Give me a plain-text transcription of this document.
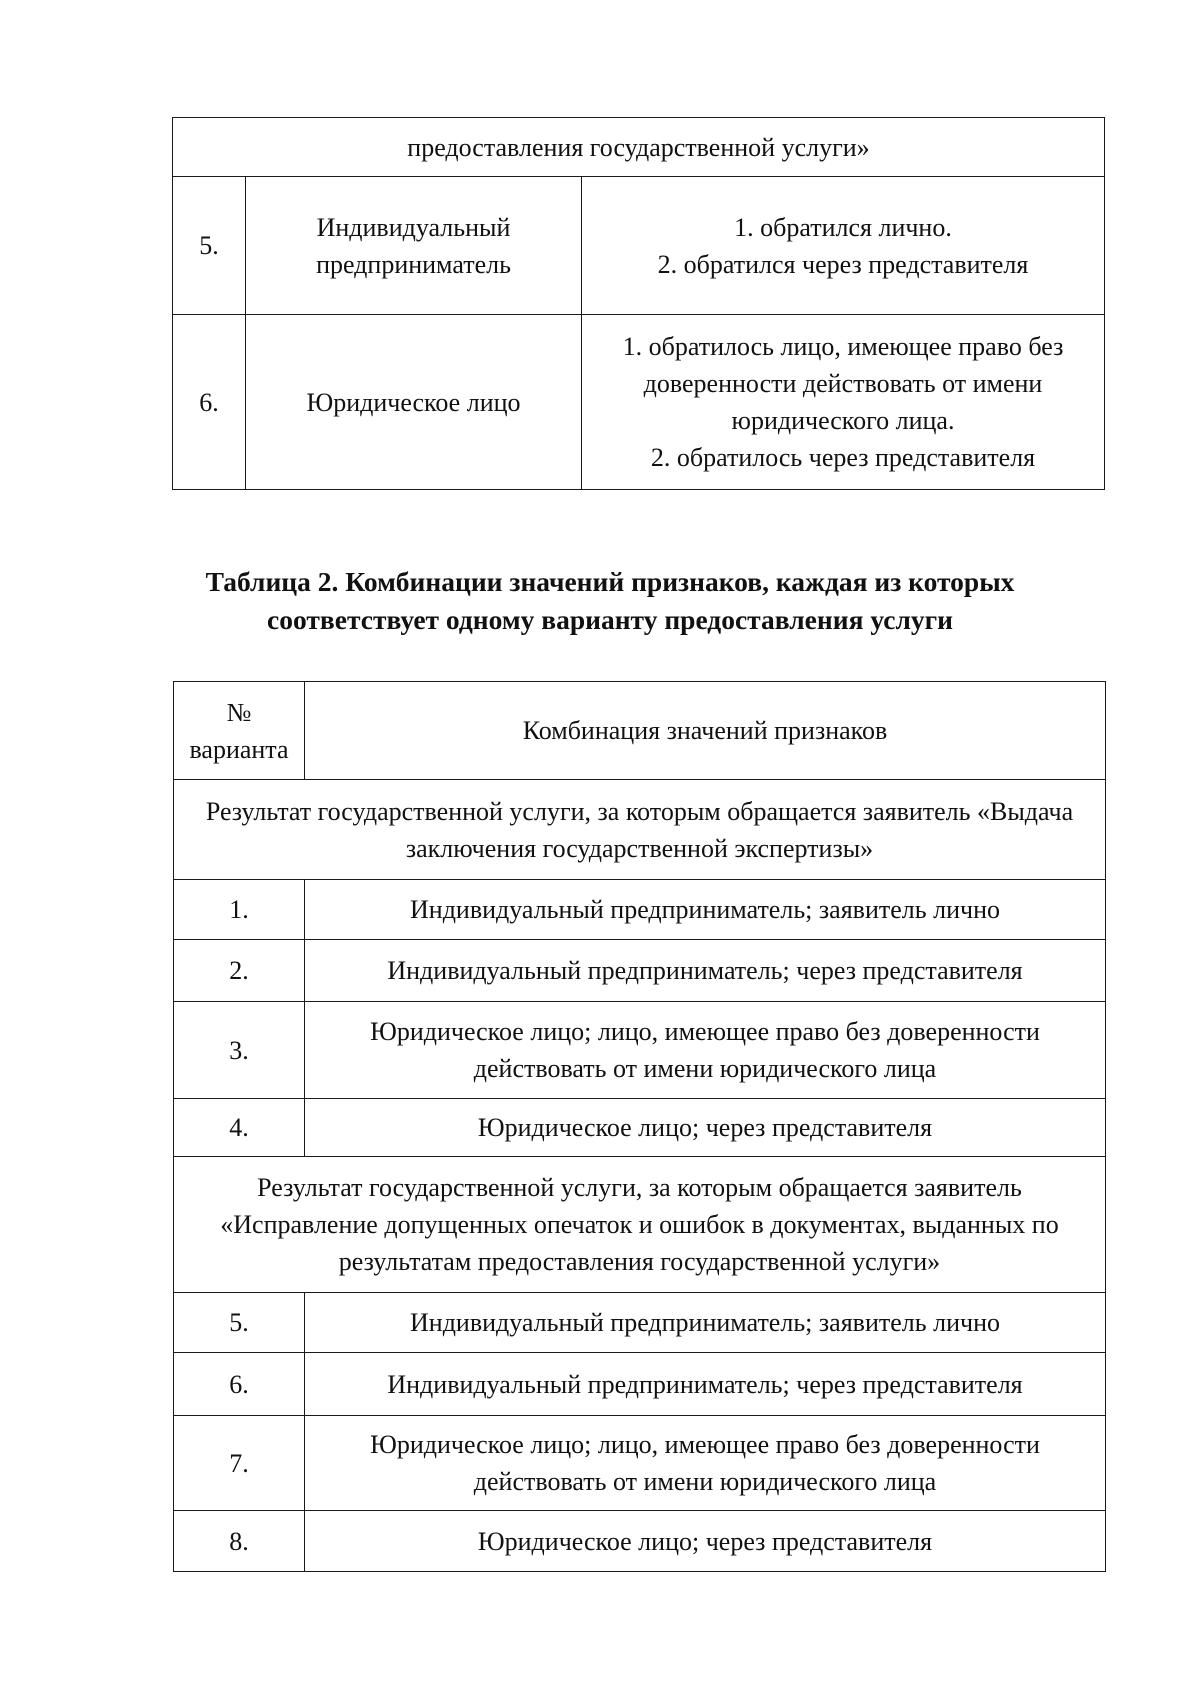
предоставления государственной услуги»		
5.	Индивидуальный предприниматель	1. обратился лично.
2. обратился через представителя

6.	Юридическое лицо	1. обратилось лицо, имеющее право без доверенности действовать от имени юридического лица.
2. обратилось через представителя
Таблица 2. Комбинации значений признаков, каждая из которых соответствует одному варианту предоставления услуги
№ варианта	Комбинация значений признаков

Результат государственной услуги, за которым обращается заявитель «Выдача заключения государственной экспертизы»	

1.	Индивидуальный предприниматель; заявитель лично
2.	Индивидуальный предприниматель; через представителя
3.	Юридическое лицо; лицо, имеющее право без доверенности действовать от имени юридического лица

4.	Юридическое лицо; через представителя

Результат государственной услуги, за которым обращается заявитель «Исправление допущенных опечаток и ошибок в документах, выданных по результатам предоставления государственной услуги»	

5.	Индивидуальный предприниматель; заявитель лично
6.	Индивидуальный предприниматель; через представителя
7.	Юридическое лицо; лицо, имеющее право без доверенности действовать от имени юридического лица

8.	Юридическое лицо; через представителя
